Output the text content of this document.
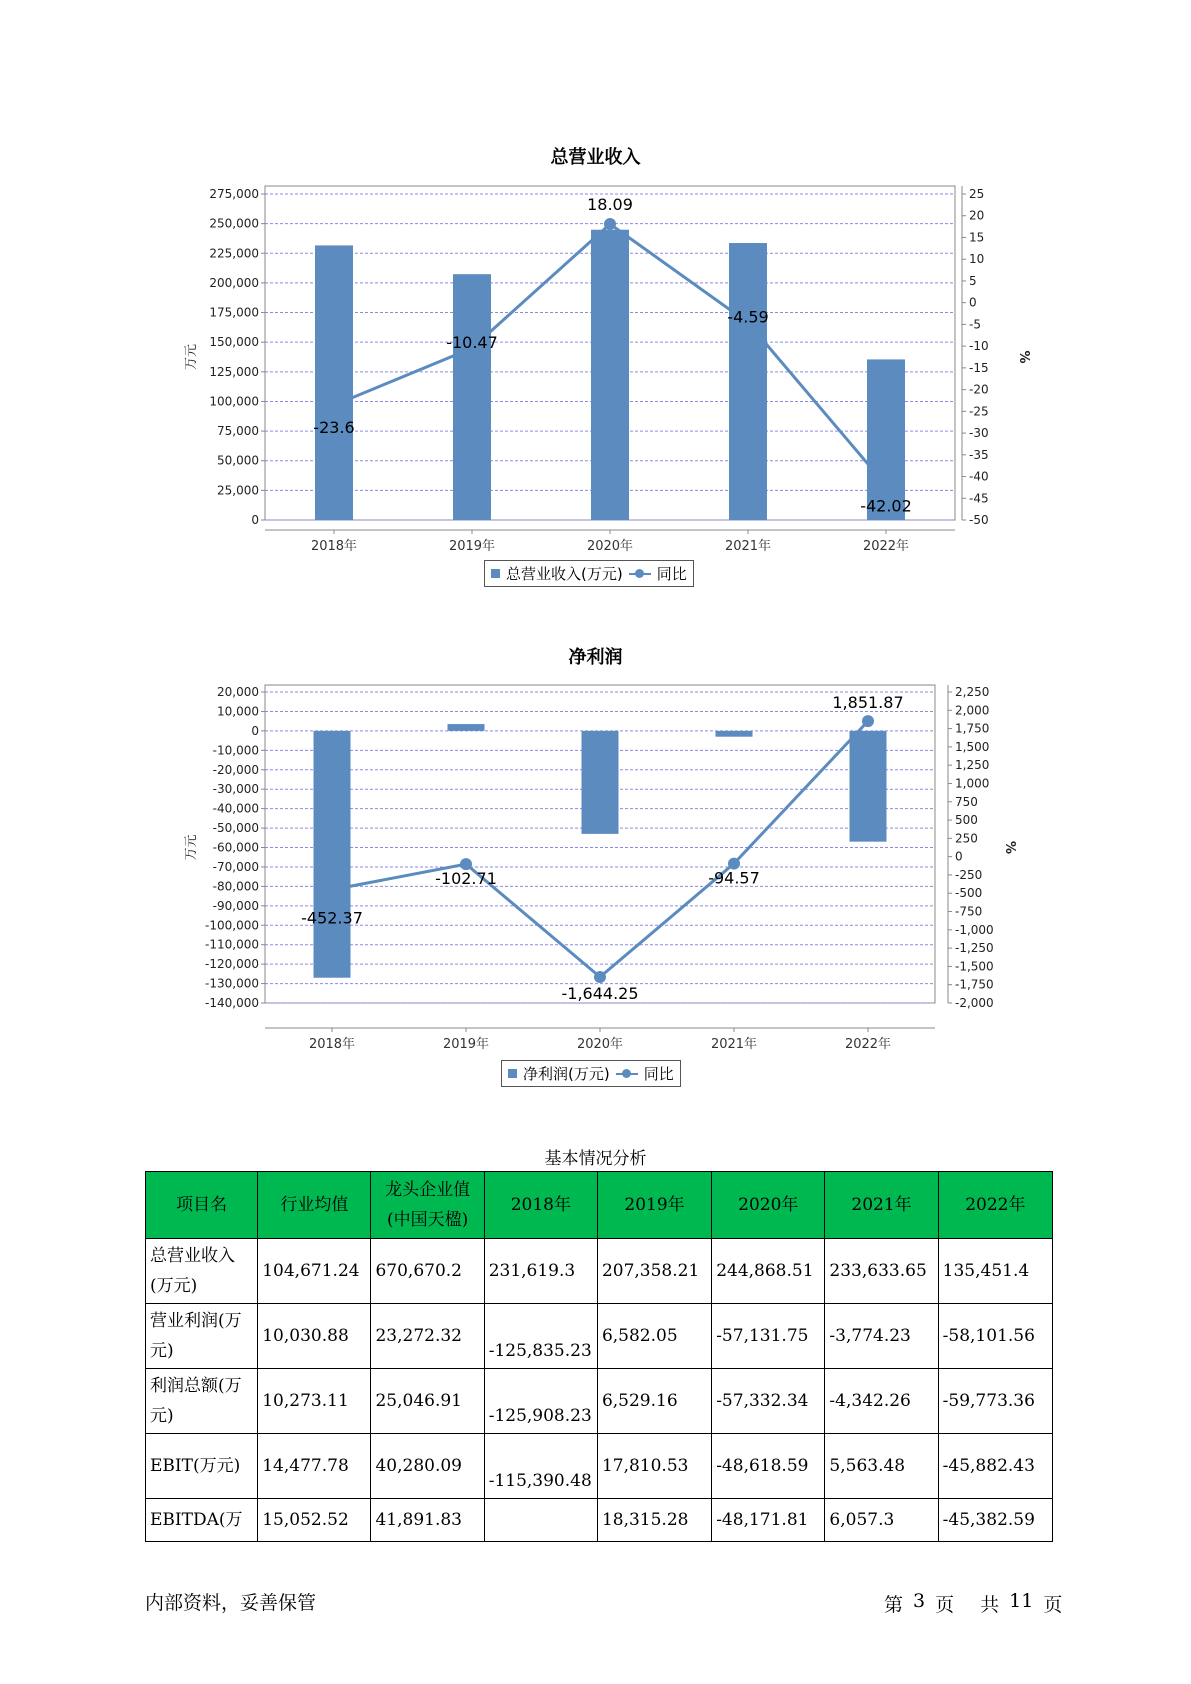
总营业收入
0
25,000
50,000
75,000
100,000
125,000
150,000
175,000
200,000
225,000
250,000
275,000
-50
-45
-40
-35
-30
-25
-20
-15
-10
-5
0
5
10
15
20
25
万元	%
2018年	2019年	2020年	2021年	2022年
-23.6
-10.47
18.09
-4.59
-42.02
总营业收入(万元) 同比
净利润
20,000
10,000
0
-10,000
-20,000
-30,000
-40,000
-50,000
-60,000
-70,000
-80,000
-90,000
-100,000
-110,000
-120,000
-130,000
-140,000
2,250
2,000
1,750
1,500
1,250
1,000
750
500
250
0
-250
-500
-750
-1,000
-1,250
-1,500
-1,750
-2,000
万元	%
2018年	2019年	2020年	2021年	2022年
-452.37
-102.71
-1,644.25
-94.57
1,851.87
净利润(万元) 同比
基本情况分析
项目名	行业均值	龙头企业值(中国天楹)	2018年	2019年	2020年	2021年	2022年
总营业收入(万元)	104,671.24	670,670.2	231,619.3	207,358.21	244,868.51	233,633.65	135,451.4
营业利润(万元)	10,030.88	23,272.32	-125,835.23	6,582.05	-57,131.75	-3,774.23	-58,101.56
利润总额(万元)	10,273.11	25,046.91	-125,908.23	6,529.16	-57,332.34	-4,342.26	-59,773.36
EBIT(万元)	14,477.78	40,280.09	-115,390.48	17,810.53	-48,618.59	5,563.48	-45,882.43
EBITDA(万	15,052.52	41,891.83		18,315.28	-48,171.81	6,057.3	-45,382.59
内部资料，妥善保管	第 3 页 共 11 页
